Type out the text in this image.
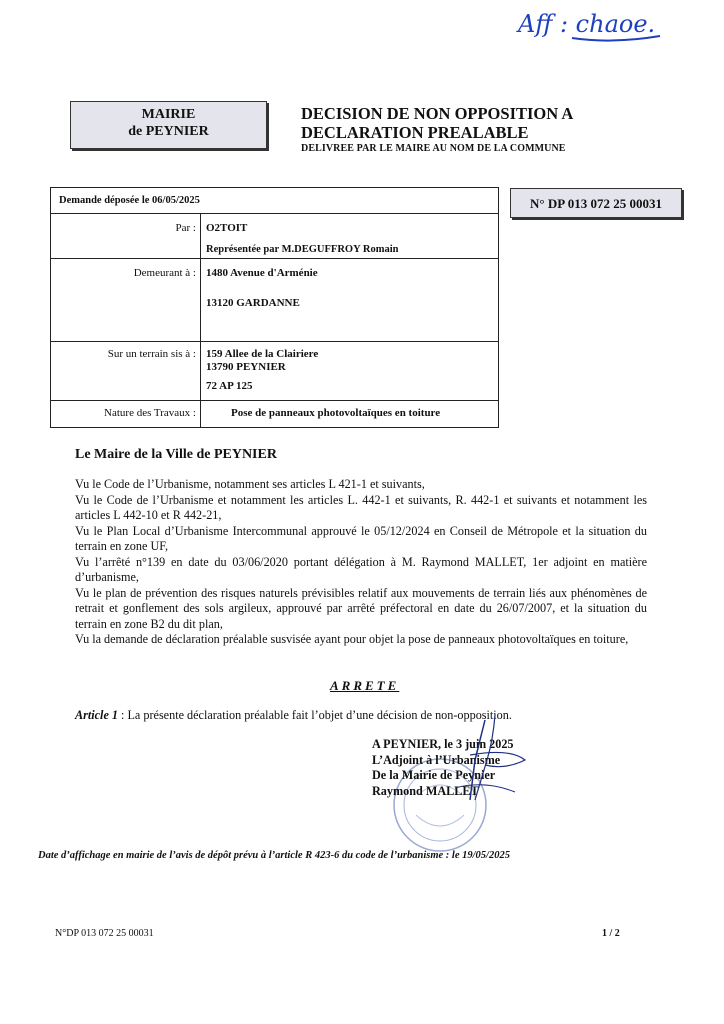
Aff : chaoe.
MAIRIE
de PEYNIER
DECISION DE NON OPPOSITION A
DECLARATION PREALABLE
DELIVREE PAR LE MAIRE AU NOM DE LA COMMUNE
N° DP 013 072 25 00031
Demande déposée le 06/05/2025
Par : O2TOIT
Représentée par M.DEGUFFROY Romain
Demeurant à : 1480 Avenue d'Arménie
13120 GARDANNE
Sur un terrain sis à : 159 Allee de la Clairiere
13790 PEYNIER
72 AP 125
Nature des Travaux :	Pose de panneaux photovoltaïques en toiture
Le Maire de la Ville de PEYNIER

Vu le Code de l’Urbanisme, notamment ses articles L 421-1 et suivants,

Vu le Code de l’Urbanisme et notamment les articles L. 442-1 et suivants, R. 442-1 et suivants et notamment les articles L 442-10 et R 442-21,

Vu le Plan Local d’Urbanisme Intercommunal approuvé le 05/12/2024 en Conseil de Métropole et la situation du terrain en zone UF,

Vu l’arrêté n°139 en date du 03/06/2020 portant délégation à M. Raymond MALLET, 1er adjoint en matière d’urbanisme,

Vu le plan de prévention des risques naturels prévisibles relatif aux mouvements de terrain liés aux phénomènes de retrait et gonflement des sols argileux, approuvé par arrêté préfectoral en date du 26/07/2007, et la situation du terrain en zone B2 du dit plan,

Vu la demande de déclaration préalable susvisée ayant pour objet la pose de panneaux photovoltaïques en toiture,

ARRETE
Article 1 : La présente déclaration préalable fait l’objet d’une décision de non-opposition.
A PEYNIER, le 3 juin 2025
L’Adjoint à l’Urbanisme
De la Mairie de Peynier
Raymond MALLET
Date d’affichage en mairie de l’avis de dépôt prévu à l’article R 423-6 du code de l’urbanisme : le 19/05/2025
N°DP 013 072 25 00031	1 / 2
